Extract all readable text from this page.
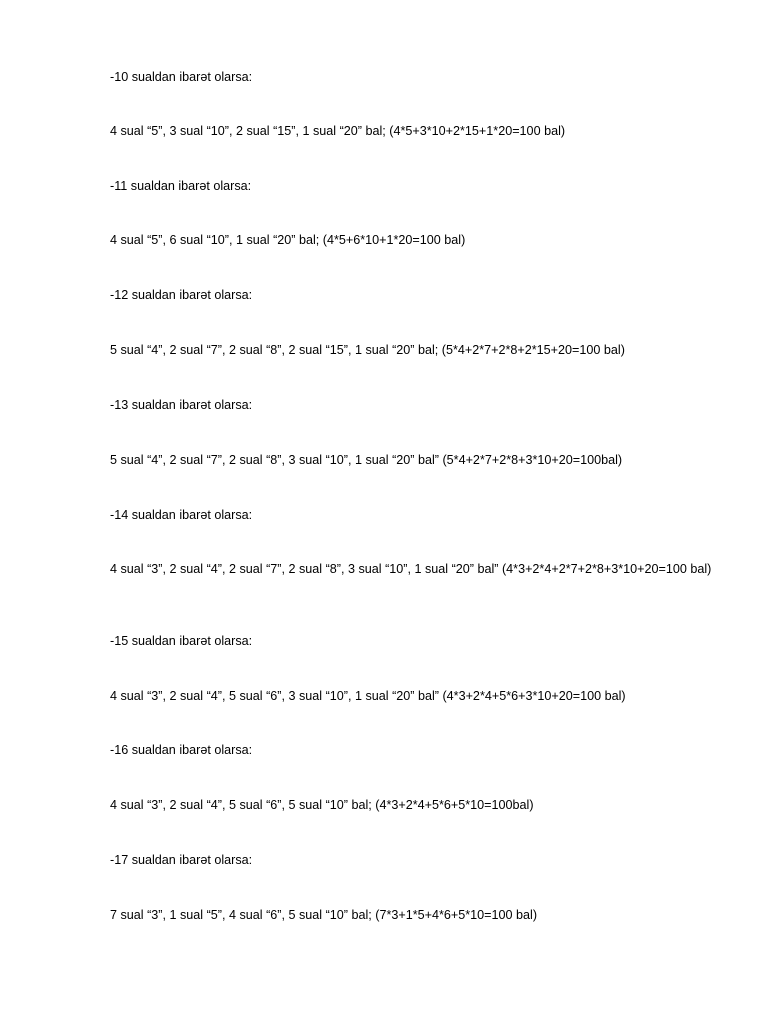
-10 sualdan ibarət olarsa:
4 sual “5”, 3 sual “10”, 2 sual “15”, 1 sual “20” bal; (4*5+3*10+2*15+1*20=100 bal)
-11 sualdan ibarət olarsa:
4 sual “5”, 6 sual “10”, 1 sual “20” bal; (4*5+6*10+1*20=100 bal)
-12 sualdan ibarət olarsa:
5 sual “4”, 2 sual “7”, 2 sual “8”, 2 sual “15”, 1 sual “20” bal; (5*4+2*7+2*8+2*15+20=100 bal)
-13 sualdan ibarət olarsa:
5 sual “4”, 2 sual “7”, 2 sual “8”, 3 sual “10”, 1 sual “20” bal” (5*4+2*7+2*8+3*10+20=100bal)
-14 sualdan ibarət olarsa:
4 sual “3”, 2 sual “4”, 2 sual “7”, 2 sual “8”, 3 sual “10”, 1 sual “20” bal” (4*3+2*4+2*7+2*8+3*10+20=100 bal)
-15 sualdan ibarət olarsa:
4 sual “3”, 2 sual “4”, 5 sual “6”, 3 sual “10”, 1 sual “20” bal” (4*3+2*4+5*6+3*10+20=100 bal)
-16 sualdan ibarət olarsa:
4 sual “3”, 2 sual “4”, 5 sual “6”, 5 sual “10” bal; (4*3+2*4+5*6+5*10=100bal)
-17 sualdan ibarət olarsa:
7 sual “3”, 1 sual “5”, 4 sual “6”, 5 sual “10” bal; (7*3+1*5+4*6+5*10=100 bal)
